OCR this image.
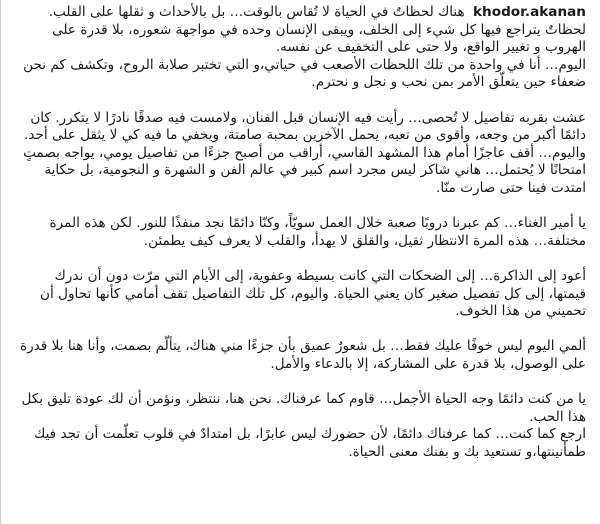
khodor.akanan هناك لحظاتٌ في الحياة لا تُقاس بالوقت… بل بالأحداث و ثقلها على القلب. لحظاتٌ يتراجع فيها كل شيء إلى الخلف، ويبقى الإنسان وحده في مواجهة شعوره، بلا قدرة على الهروب و تغيير الواقع، ولا حتى على التخفيف عن نفسه.

اليوم… أنا في واحدة من تلك اللحظات الأصعب في حياتي،و التي تختبر صلابة الروح، وتكشف كم نحن ضعفاء حين يتعلّق الأمر بمن نحب و نجل و نحترم.

عشت بقربه تفاصيل لا تُحصى… رأيت فيه الإنسان قبل الفنان، ولامست فيه صدقًا نادرًا لا يتكرر. كان دائمًا أكبر من وجعه، وأقوى من تعبه، يحمل الآخرين بمحبة صامتة، ويخفي ما فيه كي لا يثقل على أحد. واليوم… أقف عاجزًا أمام هذا المشهد القاسي، أراقب من أصبح جزءًا من تفاصيل يومي، يواجه بصمتٍ امتحانًا لا يُحتمل… هاني شاكر ليس مجرد اسم كبير في عالم الفن و الشهرة و النجومية، بل حكاية امتدت فينا حتى صارت منّا.

يا أمير الغناء… كم عبرنا دروبًا صعبة خلال العمل سويّاً، وكنّا دائمًا نجد منفذًا للنور. لكن هذه المرة مختلفة… هذه المرة الانتظار ثقيل، والقلق لا يهدأ، والقلب لا يعرف كيف يطمئن.

أعود إلى الذاكرة… إلى الضحكات التي كانت بسيطة وعفوية، إلى الأيام التي مرّت دون أن ندرك قيمتها، إلى كل تفصيل صغير كان يعني الحياة. واليوم، كل تلك التفاصيل تقف أمامي كأنها تحاول أن تحميني من هذا الخوف.

ألمي اليوم ليس خوفًا عليك فقط… بل شعورٌ عميق بأن جزءًا مني هناك، يتألّم بصمت، وأنا هنا بلا قدرة على الوصول، بلا قدرة على المشاركة، إلا بالدعاء والأمل.

يا من كنت دائمًا وجه الحياة الأجمل… قاوم كما عرفناك. نحن هنا، ننتظر، ونؤمن أن لك عودة تليق بكل هذا الحب.

ارجع كما كنت… كما عرفناك دائمًا، لأن حضورك ليس عابرًا، بل امتدادٌ في قلوب تعلّمت أن تجد فيك طمأنينتها،و تستعيد بك و بفنك معنى الحياة.
